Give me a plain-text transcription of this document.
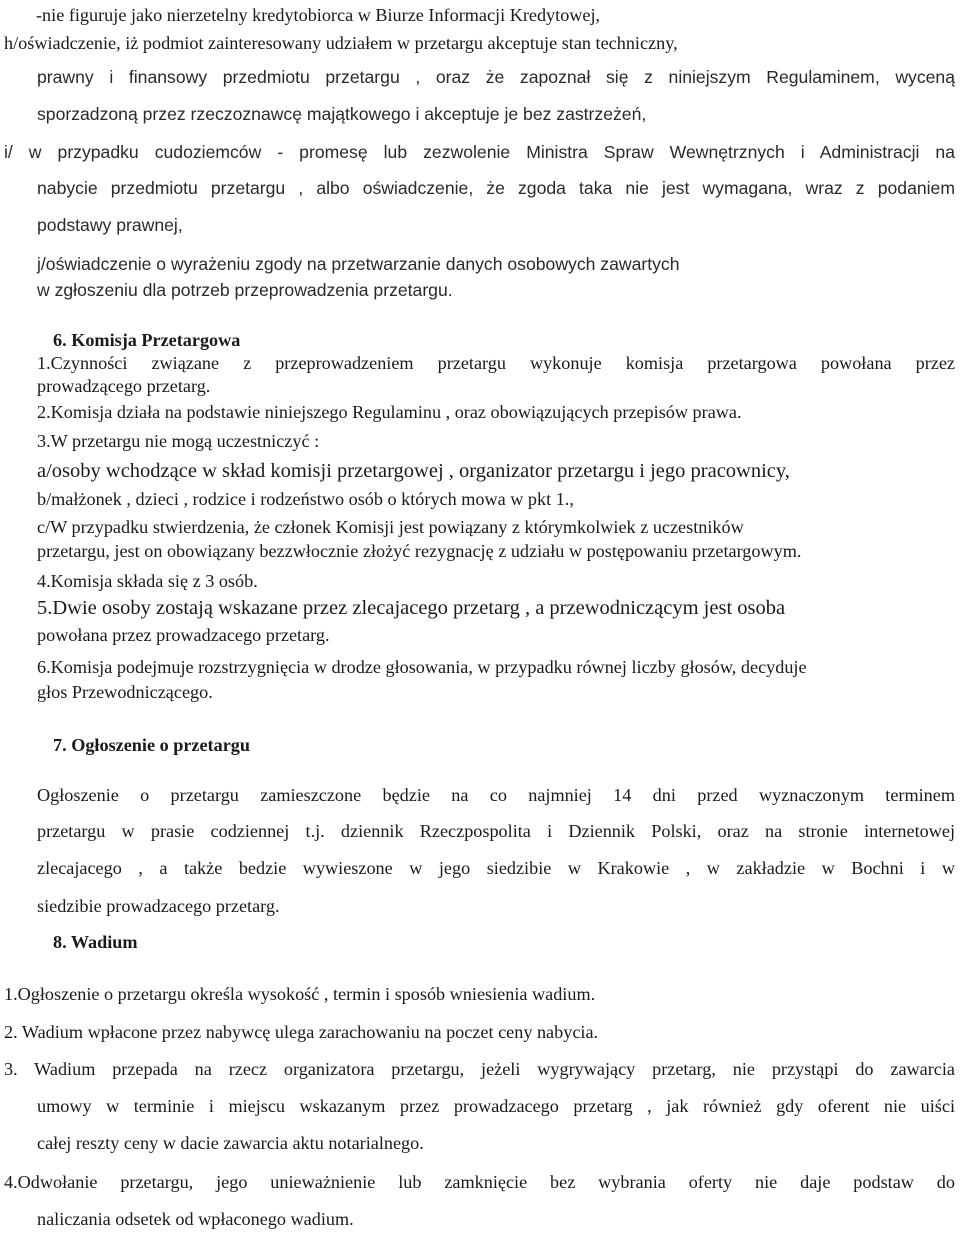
-nie figuruje jako nierzetelny kredytobiorca w Biurze Informacji Kredytowej,
h/oświadczenie, iż podmiot zainteresowany udziałem w przetargu akceptuje stan techniczny,
prawny i finansowy przedmiotu przetargu , oraz że zapoznał się z niniejszym Regulaminem, wyceną
sporzadzoną przez rzeczoznawcę majątkowego i akceptuje je bez zastrzeżeń,
i/ w przypadku cudoziemców - promesę lub zezwolenie Ministra Spraw Wewnętrznych i Administracji na
nabycie przedmiotu przetargu , albo oświadczenie, że zgoda taka nie jest wymagana, wraz z podaniem
podstawy prawnej,
j/oświadczenie o wyrażeniu zgody na przetwarzanie danych osobowych zawartych
w zgłoszeniu dla potrzeb przeprowadzenia przetargu.
6. Komisja Przetargowa
1.Czynności związane z przeprowadzeniem przetargu wykonuje komisja przetargowa powołana przez
prowadzącego przetarg.
2.Komisja działa na podstawie niniejszego Regulaminu , oraz obowiązujących przepisów prawa.
3.W przetargu nie mogą uczestniczyć :
a/osoby wchodzące w skład komisji przetargowej , organizator przetargu i jego pracownicy,
b/małżonek , dzieci , rodzice i rodzeństwo osób o których mowa w pkt 1.,
c/W przypadku stwierdzenia, że członek Komisji jest powiązany z którymkolwiek z uczestników
przetargu, jest on obowiązany bezzwłocznie złożyć rezygnację z udziału w postępowaniu przetargowym.
4.Komisja składa się z 3 osób.
5.Dwie osoby zostają wskazane przez zlecajacego przetarg , a przewodniczącym jest osoba
powołana przez prowadzacego przetarg.
6.Komisja podejmuje rozstrzygnięcia w drodze głosowania, w przypadku równej liczby głosów, decyduje
głos Przewodniczącego.
7. Ogłoszenie o przetargu
Ogłoszenie o przetargu zamieszczone będzie na co najmniej 14 dni przed wyznaczonym terminem
przetargu w prasie codziennej t.j. dziennik Rzeczpospolita i Dziennik Polski, oraz na stronie internetowej
zlecajacego , a także bedzie wywieszone w jego siedzibie w Krakowie , w zakładzie w Bochni i w
siedzibie prowadzacego przetarg.
8. Wadium
1.Ogłoszenie o przetargu określa wysokość , termin i sposób wniesienia wadium.
2. Wadium wpłacone przez nabywcę ulega zarachowaniu na poczet ceny nabycia.
3. Wadium przepada na rzecz organizatora przetargu, jeżeli wygrywający przetarg, nie przystąpi do zawarcia
umowy w terminie i miejscu wskazanym przez prowadzacego przetarg , jak również gdy oferent nie uiści
całej reszty ceny w dacie zawarcia aktu notarialnego.
4.Odwołanie przetargu, jego unieważnienie lub zamknięcie bez wybrania oferty nie daje podstaw do
naliczania odsetek od wpłaconego wadium.
